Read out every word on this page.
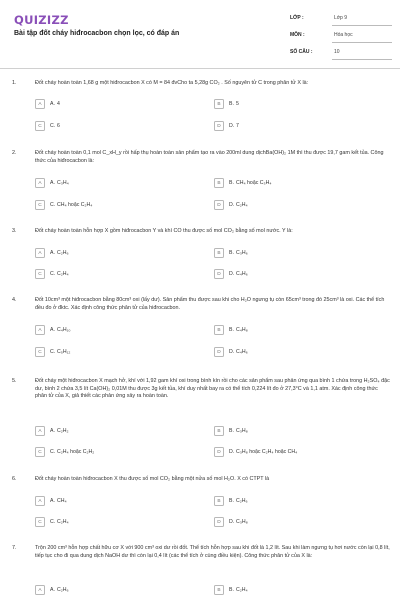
QUIZIZZ
Bài tập đốt cháy hiđrocacbon chọn lọc, có đáp án
LỚP :	Lớp 9
MÔN :	Hóa học
SỐ CÂU :	10
1.	Đốt cháy hoàn toàn 1,68 g một hiđrocacbon X có M = 84 đvCho ta 5,28g CO₂ . Số nguyên tử C trong phân tử X là:
A	A. 4	B	B. 5
C	C. 6	D	D. 7
2.	Đốt cháy hoàn toàn 0,1 mol C_xH_y rồi hấp thụ hoàn toàn sản phẩm tạo ra vào 200ml dung dịchBa(OH)₂ 1M thì thu được 19,7 gam kết tủa. Công thức của hiđrocacbon là:
A	A. C₃H₄	B	B. CH₄ hoặc C₃H₄
C	C. CH₄ hoặc C₂H₄	D	D. C₂H₄
3.	Đốt cháy hoàn toàn hỗn hợp X gồm hiđrocacbon Y và khí CO thu được số mol CO₂ bằng số mol nước. Y là:
A	A. C₂H₆	B	B. C₃H₆
C	C. C₂H₄	D	D. C₄H₆
4.	Đốt 10cm³ một hiđrocacbon bằng 80cm³ oxi (lấy dư). Sản phẩm thu được sau khi cho H₂O ngưng tụ còn 65cm³ trong đó 25cm³ là oxi. Các thể tích đều đo ở đktc. Xác định công thức phân tử của hiđrocacbon.
A	A. C₄H₁₀	B	B. C₄H₈
C	C. C₅H₁₂	D	D. C₄H₆
5.	Đốt cháy một hiđrocacbon X mạch hở, khí với 1,92 gam khí oxi trong bình kín rồi cho các sản phẩm sau phản ứng qua bình 1 chứa trong H₂SO₄ đặc dư, bình 2 chứa 3,5 lít Ca(OH)₂ 0,01M thu được 3g kết tủa, khí duy nhất bay ra có thể tích 0,224 lít đo ở 27,3°C và 1,1 atm. Xác định công thức phân tử của X, giả thiết các phản ứng xảy ra hoàn toàn.
A	A. C₂H₂	B	B. C₃H₈
C	C. C₂H₄ hoặc C₂H₂	D	D. C₃H₈ hoặc C₂H₄ hoặc CH₄
6.	Đốt cháy hoàn toàn hiđrocacbon X thu được số mol CO₂ bằng một nửa số mol H₂O. X có CTPT là
A	A. CH₄	B	B. C₂H₆
C	C. C₂H₄	D	D. C₃H₈
7.	Trộn 200 cm³ hỗn hợp chất hữu cơ X với 900 cm³ oxi dư rồi đốt. Thể tích hỗn hợp sau khi đốt là 1,2 lít. Sau khi làm ngưng tụ hơi nước còn lại 0,8 lít, tiếp tục cho đi qua dung dịch NaOH dư thì còn lại 0,4 lít (các thể tích ở cùng điều kiện). Công thức phân tử của X là:
A	A. C₂H₆	B	B. C₂H₄
